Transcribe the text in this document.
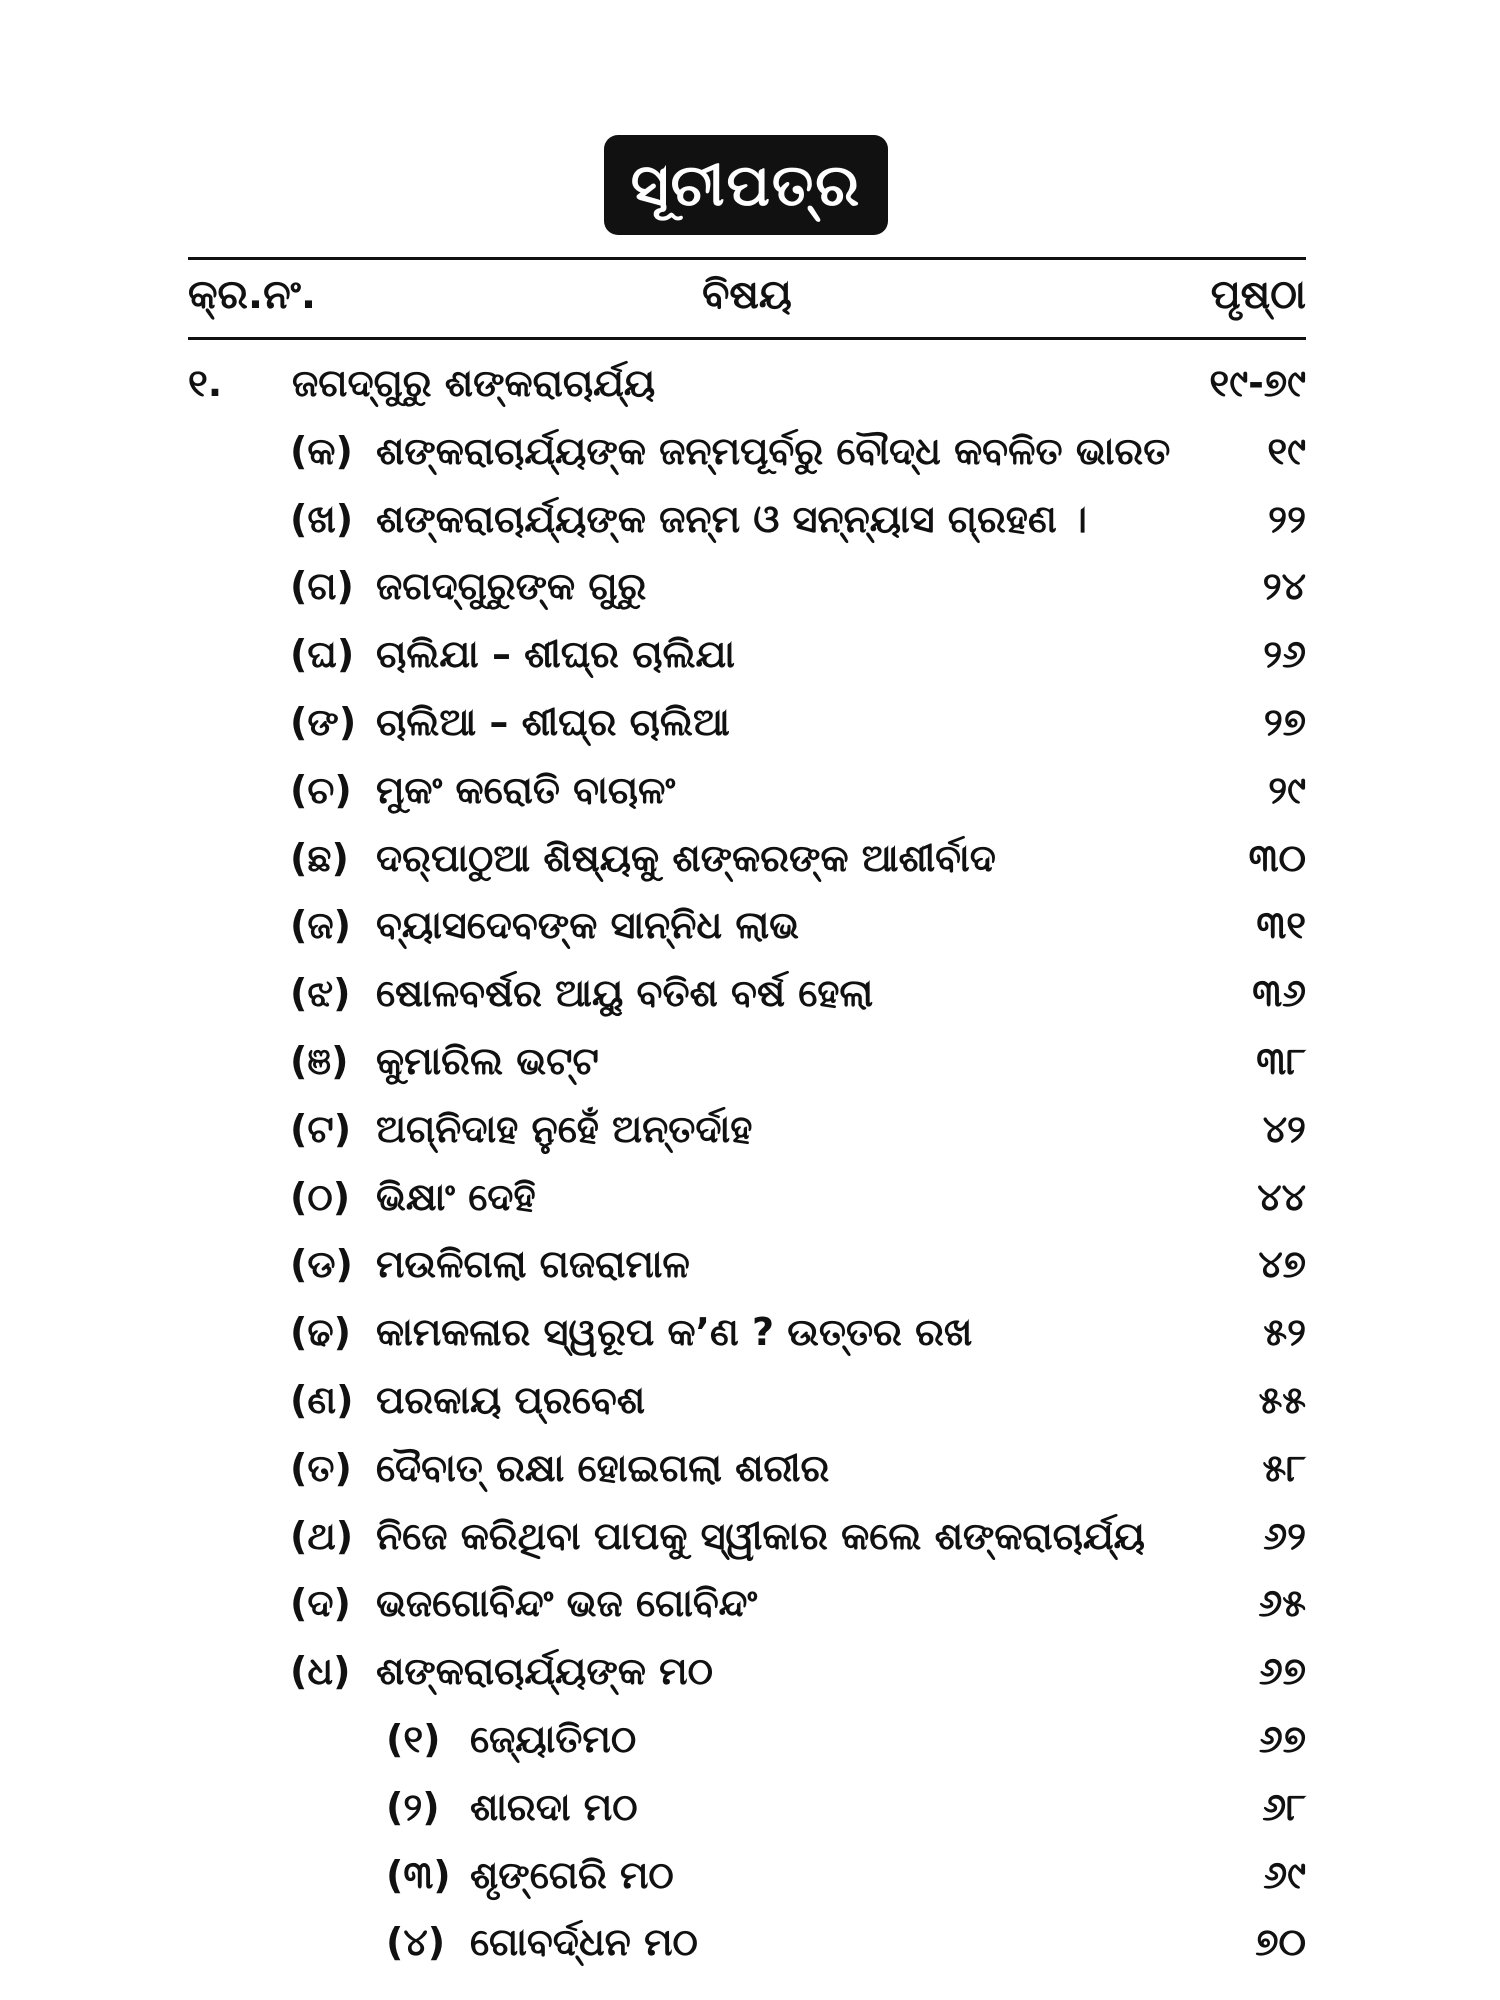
ସୂଚୀପତ୍ର
କ୍ର.ନଂ.	ବିଷୟ	ପୃଷ୍ଠା
୧. ଜଗଦ୍‌ଗୁରୁ ଶଙ୍କରାଚାର୍ଯ୍ୟ	୧୯-୭୯
(କ) ଶଙ୍କରାଚାର୍ଯ୍ୟଙ୍କ ଜନ୍ମପୂର୍ବରୁ ବୌଦ୍ଧ କବଳିତ ଭାରତ	୧୯
(ଖ) ଶଙ୍କରାଚାର୍ଯ୍ୟଙ୍କ ଜନ୍ମ ଓ ସନ୍ନ୍ୟାସ ଗ୍ରହଣ ।	୨୨
(ଗ) ଜଗଦ୍‌ଗୁରୁଙ୍କ ଗୁରୁ	୨୪
(ଘ) ଚାଲିଯା – ଶୀଘ୍ର ଚାଲିଯା	୨୬
(ଙ) ଚାଲିଆ – ଶୀଘ୍ର ଚାଲିଆ	୨୭
(ଚ) ମୁକଂ କରୋତି ବାଚାଳଂ	୨୯
(ଛ) ଦର୍‌ପାଠୁଆ ଶିଷ୍ୟକୁ ଶଙ୍କରଙ୍କ ଆଶୀର୍ବାଦ	୩୦
(ଜ) ବ୍ୟାସଦେବଙ୍କ ସାନ୍ନିଧ ଲାଭ	୩୧
(ଝ) ଷୋଳବର୍ଷର ଆୟୁ ବତିଶ ବର୍ଷ ହେଲା	୩୬
(ଞ) କୁମାରିଲ ଭଟ୍ଟ	୩୮
(ଟ) ଅଗ୍ନିଦାହ ନୁହେଁ ଅନ୍ତର୍ଦାହ	୪୨
(ଠ) ଭିକ୍ଷାଂ ଦେହି	୪୪
(ଡ) ମଉଳିଗଲା ଗଜରାମାଳ	୪୭
(ଢ) କାମକଳାର ସ୍ୱରୂପ କ’ଣ ? ଉତ୍ତର ରଖ	୫୨
(ଣ) ପରକାୟ ପ୍ରବେଶ	୫୫
(ତ) ଦୈବାତ୍ ରକ୍ଷା ହୋଇଗଲା ଶରୀର	୫୮
(ଥ) ନିଜେ କରିଥିବା ପାପକୁ ସ୍ୱୀକାର କଲେ ଶଙ୍କରାଚାର୍ଯ୍ୟ	୬୨
(ଦ) ଭଜଗୋବିନ୍ଦଂ ଭଜ ଗୋବିନ୍ଦଂ	୬୫
(ଧ) ଶଙ୍କରାଚାର୍ଯ୍ୟଙ୍କ ମଠ	୬୭
(୧) ଜ୍ୟୋତିମଠ	୬୭
(୨) ଶାରଦା ମଠ	୬୮
(୩) ଶୃଙ୍ଗେରି ମଠ	୬୯
(୪) ଗୋବର୍ଦ୍ଧନ ମଠ	୭୦
